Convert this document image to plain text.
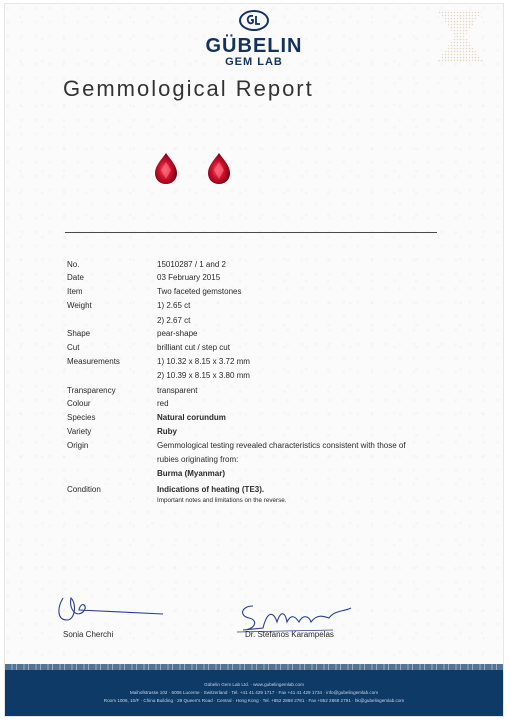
GÜBELIN
GEM LAB
Gemmological Report
No.	15010287 / 1 and 2
Date	03 February 2015
Item	Two faceted gemstones
Weight	1) 2.65 ct
2) 2.67 ct
Shape	pear-shape
Cut	brilliant cut / step cut
Measurements	1) 10.32 x 8.15 x 3.72 mm
2) 10.39 x 8.15 x 3.80 mm
Transparency	transparent
Colour	red
Species	Natural corundum
Variety	Ruby
Origin	Gemmological testing revealed characteristics consistent with those of
rubies originating from:
Burma (Myanmar)
Condition	Indications of heating (TE3).
Important notes and limitations on the reverse.
Sonia Cherchi	Dr. Stefanos Karampelas
Gübelin Gem Lab Ltd. · www.gubelingemlab.com
Maihofstrasse 102 · 6006 Lucerne · Switzerland · Tel. +41 41 429 1717 · Fax +41 41 429 1734 · info@gubelingemlab.com
Room 1006, 10/F · China Building · 29 Queen's Road · Central · Hong Kong · Tel. +852 2868 2781 · Fax +852 2868 2791 · hk@gubelingemlab.com
